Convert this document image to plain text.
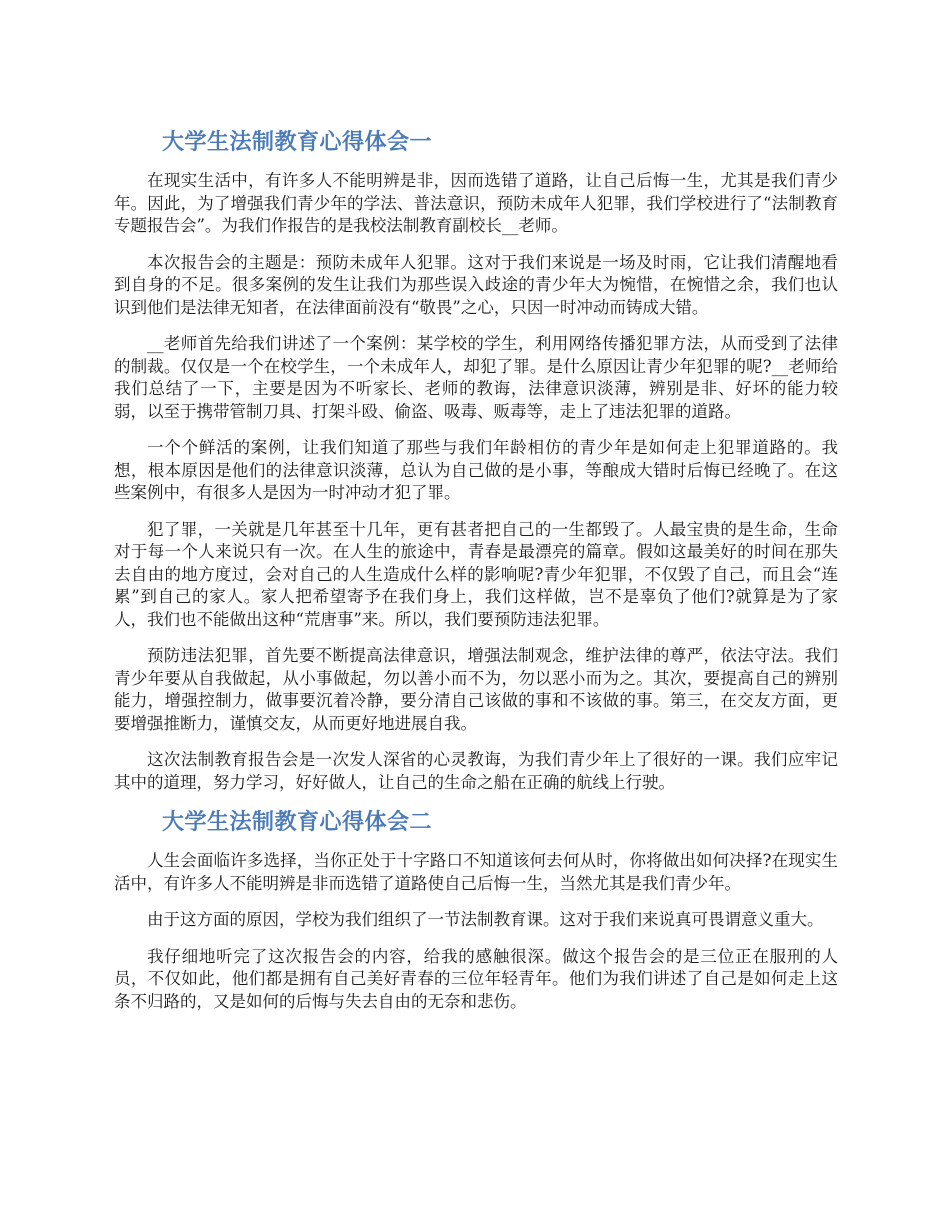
大学生法制教育心得体会一

在现实生活中，有许多人不能明辨是非，因而选错了道路，让自己后悔一生，尤其是我们青少年。因此，为了增强我们青少年的学法、普法意识，预防未成年人犯罪，我们学校进行了“法制教育专题报告会”。为我们作报告的是我校法制教育副校长__老师。

本次报告会的主题是：预防未成年人犯罪。这对于我们来说是一场及时雨，它让我们清醒地看到自身的不足。很多案例的发生让我们为那些误入歧途的青少年大为惋惜，在惋惜之余，我们也认识到他们是法律无知者，在法律面前没有“敬畏”之心，只因一时冲动而铸成大错。

__老师首先给我们讲述了一个案例：某学校的学生，利用网络传播犯罪方法，从而受到了法律的制裁。仅仅是一个在校学生，一个未成年人，却犯了罪。是什么原因让青少年犯罪的呢?__老师给我们总结了一下，主要是因为不听家长、老师的教诲，法律意识淡薄，辨别是非、好坏的能力较弱，以至于携带管制刀具、打架斗殴、偷盗、吸毒、贩毒等，走上了违法犯罪的道路。

一个个鲜活的案例，让我们知道了那些与我们年龄相仿的青少年是如何走上犯罪道路的。我想，根本原因是他们的法律意识淡薄，总认为自己做的是小事，等酿成大错时后悔已经晚了。在这些案例中，有很多人是因为一时冲动才犯了罪。

犯了罪，一关就是几年甚至十几年，更有甚者把自己的一生都毁了。人最宝贵的是生命，生命对于每一个人来说只有一次。在人生的旅途中，青春是最漂亮的篇章。假如这最美好的时间在那失去自由的地方度过，会对自己的人生造成什么样的影响呢?青少年犯罪，不仅毁了自己，而且会“连累”到自己的家人。家人把希望寄予在我们身上，我们这样做，岂不是辜负了他们?就算是为了家人，我们也不能做出这种“荒唐事”来。所以，我们要预防违法犯罪。

预防违法犯罪，首先要不断提高法律意识，增强法制观念，维护法律的尊严，依法守法。我们青少年要从自我做起，从小事做起，勿以善小而不为，勿以恶小而为之。其次，要提高自己的辨别能力，增强控制力，做事要沉着冷静，要分清自己该做的事和不该做的事。第三，在交友方面，更要增强推断力，谨慎交友，从而更好地进展自我。

这次法制教育报告会是一次发人深省的心灵教诲，为我们青少年上了很好的一课。我们应牢记其中的道理，努力学习，好好做人，让自己的生命之船在正确的航线上行驶。

大学生法制教育心得体会二

人生会面临许多选择，当你正处于十字路口不知道该何去何从时，你将做出如何决择?在现实生活中，有许多人不能明辨是非而选错了道路使自己后悔一生，当然尤其是我们青少年。

由于这方面的原因，学校为我们组织了一节法制教育课。这对于我们来说真可畏谓意义重大。

我仔细地听完了这次报告会的内容，给我的感触很深。做这个报告会的是三位正在服刑的人员，不仅如此，他们都是拥有自己美好青春的三位年轻青年。他们为我们讲述了自己是如何走上这条不归路的，又是如何的后悔与失去自由的无奈和悲伤。
